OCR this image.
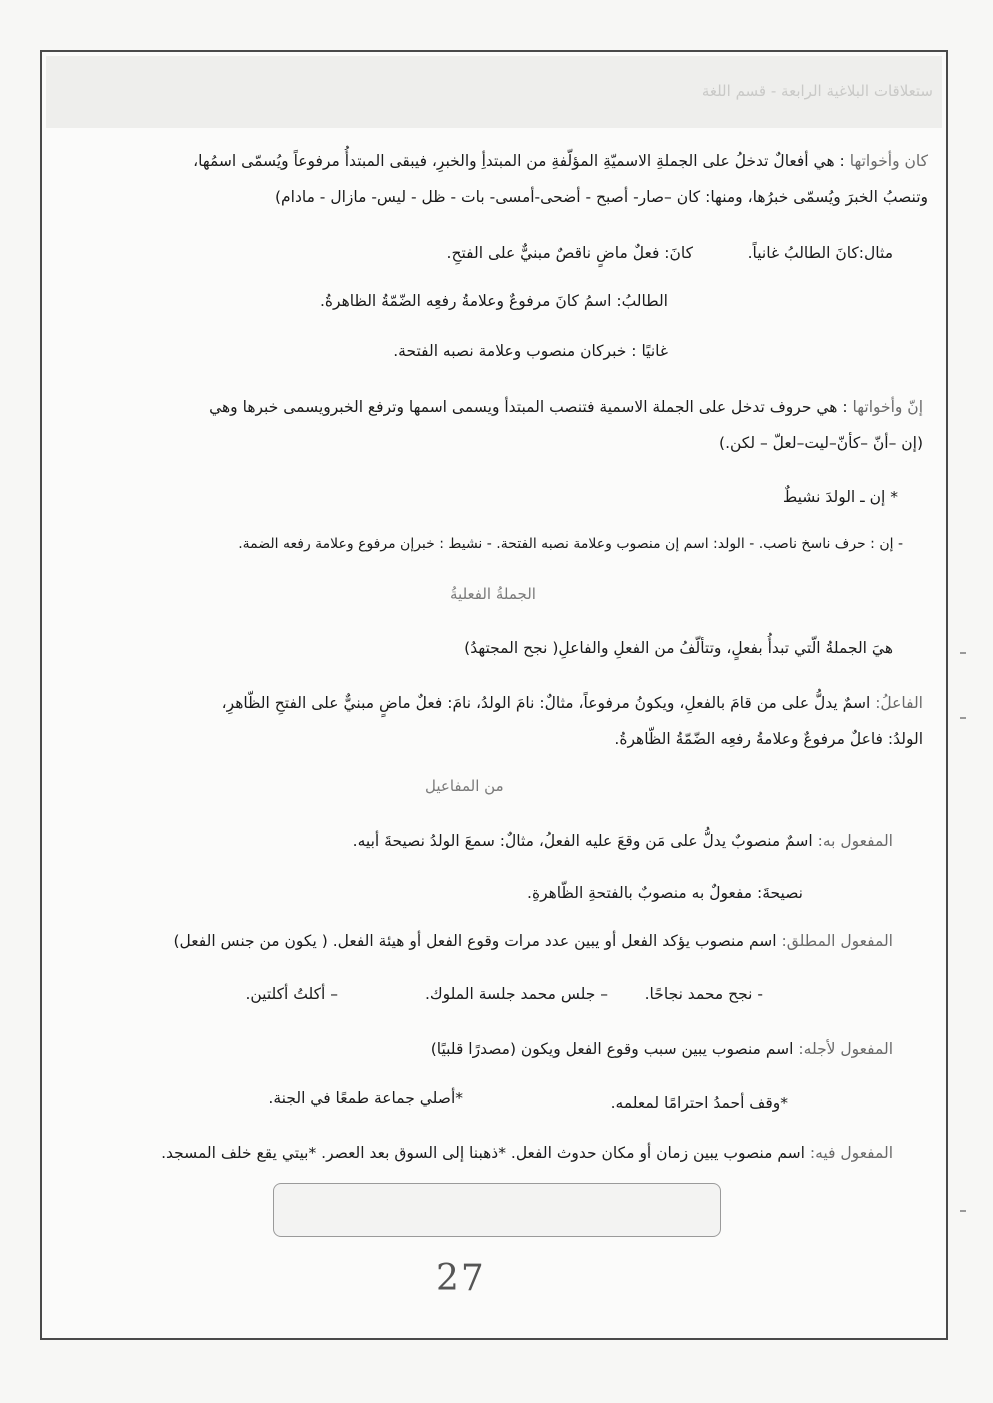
ستعلاقات البلاغية الرابعة - قسم اللغة
كان وأخواتها : هي أفعالٌ تدخلُ على الجملةِ الاسميّةِ المؤلّفةِ من المبتدأِ والخبرِ، فيبقى المبتدأُ مرفوعاً ويُسمّى اسمُها،
وتنصبُ الخبرَ ويُسمّى خبرُها، ومنها: كان –صار- أصبح - أضحى-أمسى- بات - ظل - ليس- مازال - مادام)
مثال:كانَ الطالبُ غانياً.
كانَ: فعلٌ ماضٍ ناقصٌ مبنيٌّ على الفتحِ.
الطالبُ: اسمُ كانَ مرفوعٌ وعلامةُ رفعِه الضّمّةُ الظاهرةُ.
غانيًا : خبركان منصوب وعلامة نصبه الفتحة.
إنّ وأخواتها : هي حروف تدخل على الجملة الاسمية فتنصب المبتدأ ويسمى اسمها وترفع الخبرويسمى خبرها وهي
(إن –أنّ –كأنّ–ليت–لعلّ – لكن.)
* إن ـ الولدَ نشيطٌ
- إن : حرف ناسخ ناصب. - الولد: اسم إن منصوب وعلامة نصبه الفتحة. - نشيط : خبرإن مرفوع وعلامة رفعه الضمة.
الجملةُ الفعليةُ
هيَ الجملةُ الّتي تبدأُ بفعلٍ، وتتألّفُ من الفعلِ والفاعلِ( نجح المجتهدُ)
الفاعلُ: اسمٌ يدلُّ على من قامَ بالفعلِ، ويكونُ مرفوعاً، مثالٌ: نامَ الولدُ، نامَ: فعلٌ ماضٍ مبنيٌّ على الفتحِ الظّاهرِ،
الولدُ: فاعلٌ مرفوعٌ وعلامةُ رفعِه الضّمّةُ الظّاهرةُ.
من المفاعيل
المفعول به: اسمٌ منصوبٌ يدلُّ على مَن وقعَ عليه الفعلُ، مثالٌ: سمعَ الولدُ نصيحةَ أبيه.
نصيحةَ: مفعولٌ به منصوبٌ بالفتحةِ الظّاهرةِ.
المفعول المطلق: اسم منصوب يؤكد الفعل أو يبين عدد مرات وقوع الفعل أو هيئة الفعل. ( يكون من جنس الفعل)
- نجح محمد نجاحًا.
– جلس محمد جلسة الملوك.
– أكلتُ أكلتين.
المفعول لأجله: اسم منصوب يبين سبب وقوع الفعل ويكون (مصدرًا قلبيًا)
*وقف أحمدُ احترامًا لمعلمه.
*أصلي جماعة طمعًا في الجنة.
المفعول فيه: اسم منصوب يبين زمان أو مكان حدوث الفعل. *ذهبنا إلى السوق بعد العصر. *بيتي يقع خلف المسجد.
27
